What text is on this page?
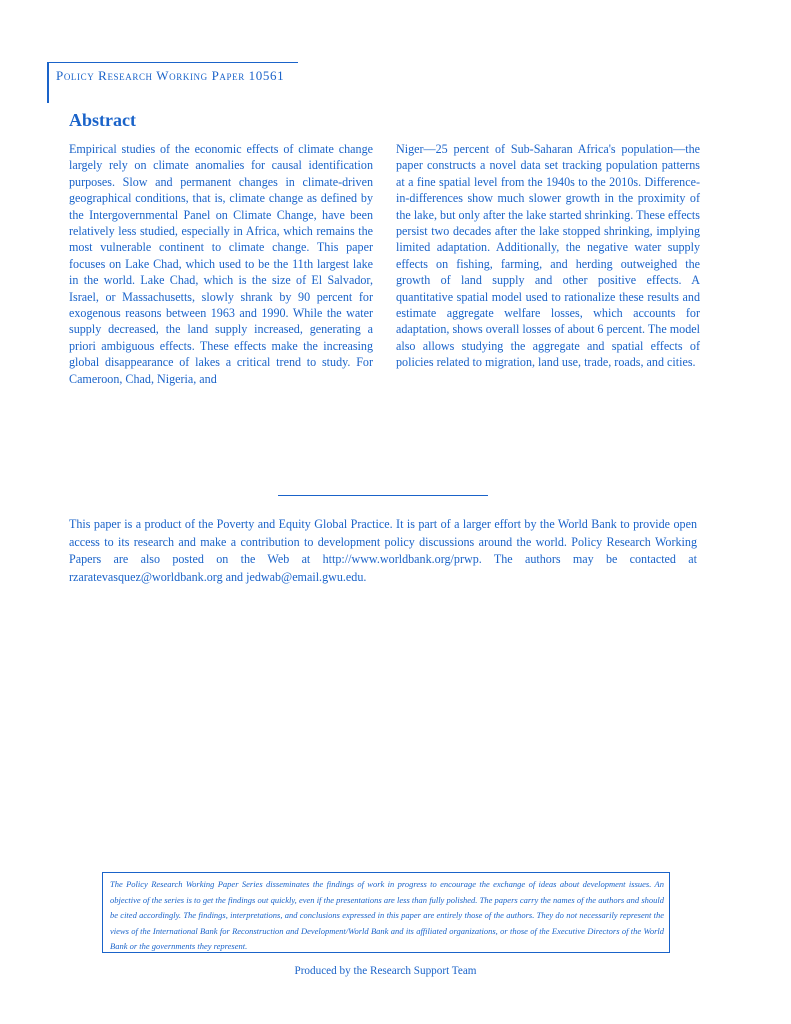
Policy Research Working Paper 10561
Abstract

Empirical studies of the economic effects of climate change largely rely on climate anomalies for causal identification purposes. Slow and permanent changes in climate-driven geographical conditions, that is, climate change as defined by the Intergovernmental Panel on Climate Change, have been relatively less studied, especially in Africa, which remains the most vulnerable continent to climate change. This paper focuses on Lake Chad, which used to be the 11th largest lake in the world. Lake Chad, which is the size of El Salvador, Israel, or Massachusetts, slowly shrank by 90 percent for exogenous reasons between 1963 and 1990. While the water supply decreased, the land supply increased, generating a priori ambiguous effects. These effects make the increasing global disappearance of lakes a critical trend to study. For Cameroon, Chad, Nigeria, and

Niger—25 percent of Sub-Saharan Africa's population—the paper constructs a novel data set tracking population patterns at a fine spatial level from the 1940s to the 2010s. Difference-in-differences show much slower growth in the proximity of the lake, but only after the lake started shrinking. These effects persist two decades after the lake stopped shrinking, implying limited adaptation. Additionally, the negative water supply effects on fishing, farming, and herding outweighed the growth of land supply and other positive effects. A quantitative spatial model used to rationalize these results and estimate aggregate welfare losses, which accounts for adaptation, shows overall losses of about 6 percent. The model also allows studying the aggregate and spatial effects of policies related to migration, land use, trade, roads, and cities.

This paper is a product of the Poverty and Equity Global Practice. It is part of a larger effort by the World Bank to provide open access to its research and make a contribution to development policy discussions around the world. Policy Research Working Papers are also posted on the Web at http://www.worldbank.org/prwp. The authors may be contacted at rzaratevasquez@worldbank.org and jedwab@email.gwu.edu.

The Policy Research Working Paper Series disseminates the findings of work in progress to encourage the exchange of ideas about development issues. An objective of the series is to get the findings out quickly, even if the presentations are less than fully polished. The papers carry the names of the authors and should be cited accordingly. The findings, interpretations, and conclusions expressed in this paper are entirely those of the authors. They do not necessarily represent the views of the International Bank for Reconstruction and Development/World Bank and its affiliated organizations, or those of the Executive Directors of the World Bank or the governments they represent.

Produced by the Research Support Team
